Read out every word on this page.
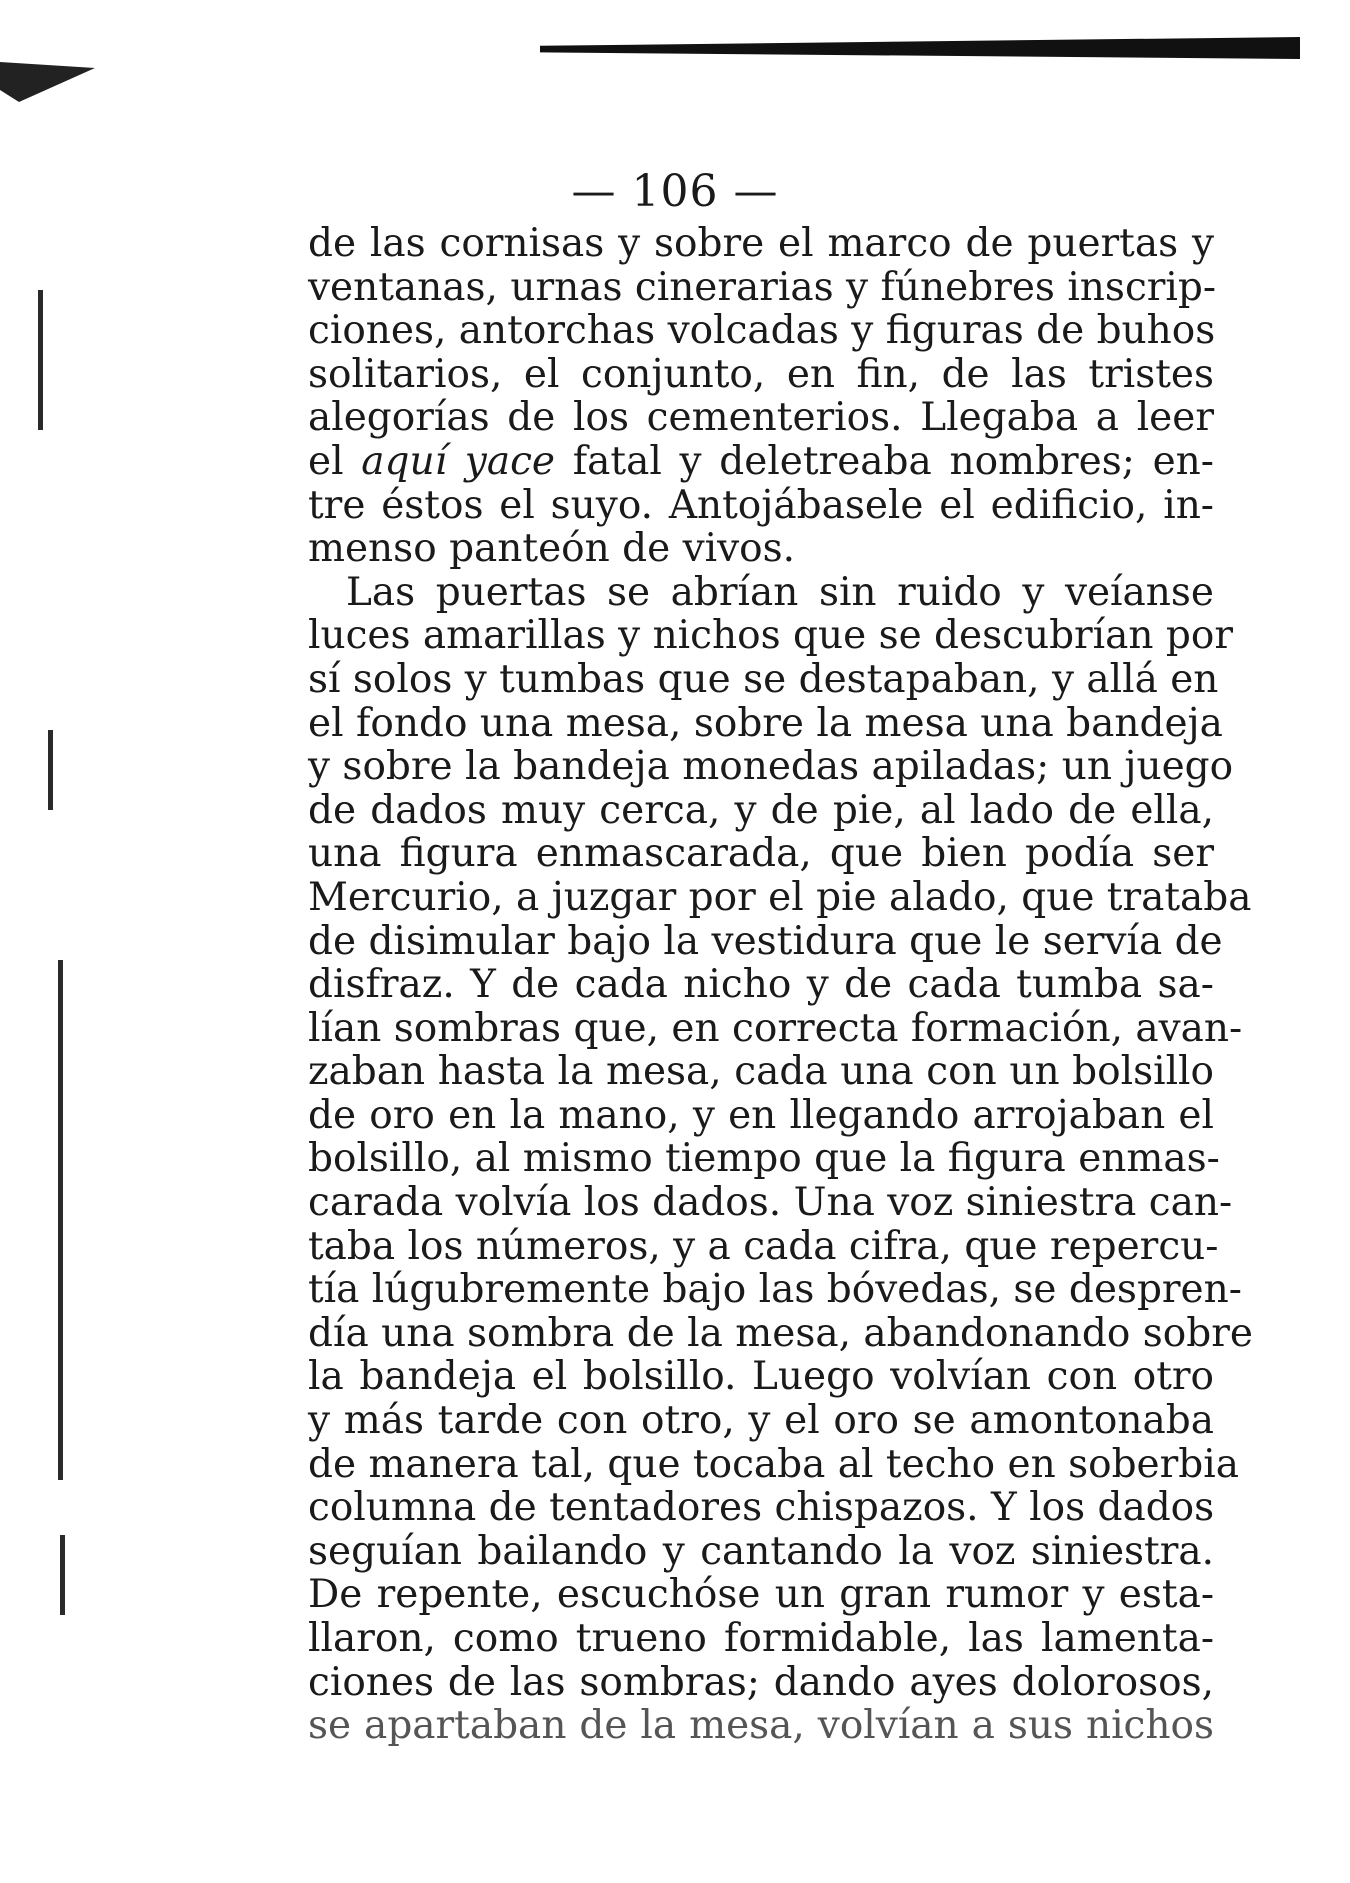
— 106 —
de las cornisas y sobre el marco de puertas y
ventanas, urnas cinerarias y fúnebres inscrip-
ciones, antorchas volcadas y figuras de buhos
solitarios, el conjunto, en fin, de las tristes
alegorías de los cementerios. Llegaba a leer
el aquí yace fatal y deletreaba nombres; en-
tre éstos el suyo. Antojábasele el edificio, in-
menso panteón de vivos.
Las puertas se abrían sin ruido y veíanse
luces amarillas y nichos que se descubrían por
sí solos y tumbas que se destapaban, y allá en
el fondo una mesa, sobre la mesa una bandeja
y sobre la bandeja monedas apiladas; un juego
de dados muy cerca, y de pie, al lado de ella,
una figura enmascarada, que bien podía ser
Mercurio, a juzgar por el pie alado, que trataba
de disimular bajo la vestidura que le servía de
disfraz. Y de cada nicho y de cada tumba sa-
lían sombras que, en correcta formación, avan-
zaban hasta la mesa, cada una con un bolsillo
de oro en la mano, y en llegando arrojaban el
bolsillo, al mismo tiempo que la figura enmas-
carada volvía los dados. Una voz siniestra can-
taba los números, y a cada cifra, que repercu-
tía lúgubremente bajo las bóvedas, se despren-
día una sombra de la mesa, abandonando sobre
la bandeja el bolsillo. Luego volvían con otro
y más tarde con otro, y el oro se amontonaba
de manera tal, que tocaba al techo en soberbia
columna de tentadores chispazos. Y los dados
seguían bailando y cantando la voz siniestra.
De repente, escuchóse un gran rumor y esta-
llaron, como trueno formidable, las lamenta-
ciones de las sombras; dando ayes dolorosos,
se apartaban de la mesa, volvían a sus nichos
